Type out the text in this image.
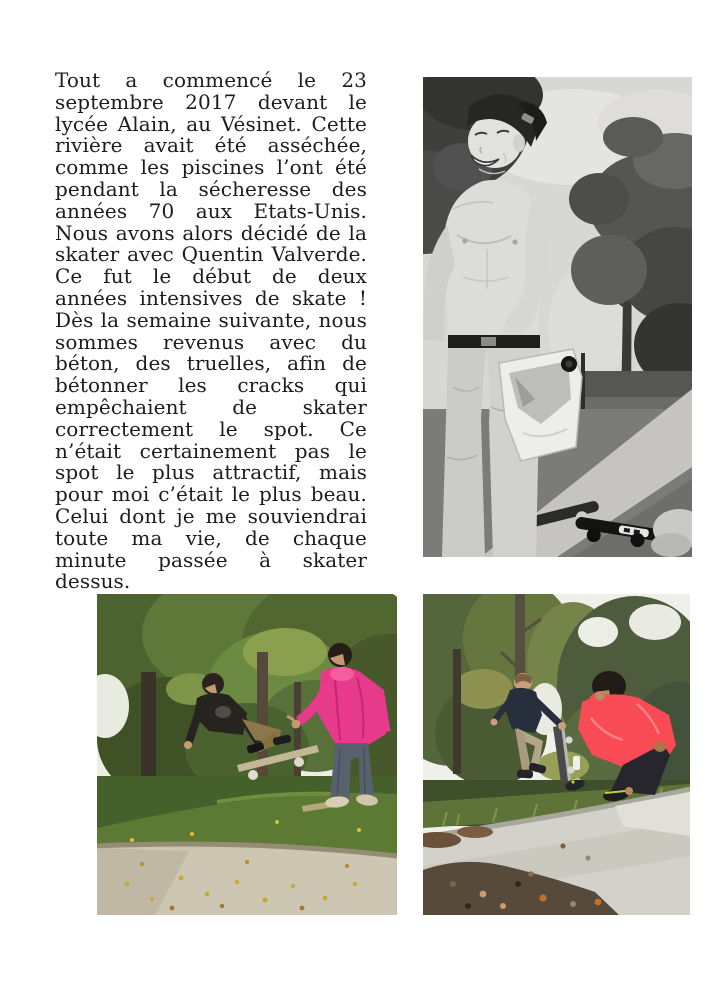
Tout a commencé le 23 septembre 2017 devant le lycée Alain, au Vésinet. Cette rivière avait été asséchée, comme les piscines l’ont été pendant la sécheresse des années 70 aux Etats-Unis. Nous avons alors décidé de la skater avec Quentin Valverde. Ce fut le début de deux années intensives de skate ! Dès la semaine suivante, nous sommes revenus avec du béton, des truelles, afin de bétonner les cracks qui empêchaient de skater correctement le spot. Ce n’était certainement pas le spot le plus attractif, mais pour moi c’était le plus beau. Celui dont je me souviendrai toute ma vie, de chaque minute passée à skater dessus.
